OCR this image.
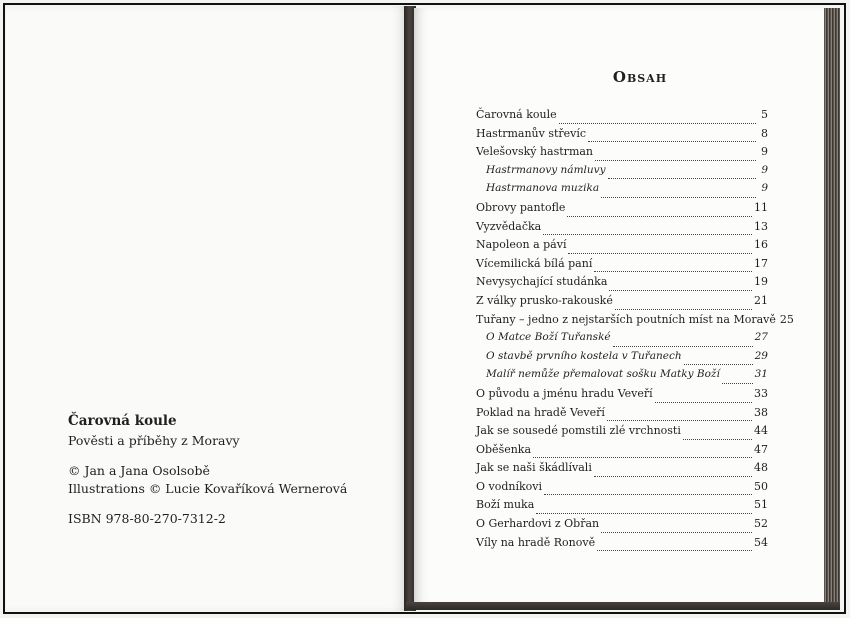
Čarovná koule
Pověsti a příběhy z Moravy
© Jan a Jana Osolsobě
Illustrations © Lucie Kovaříková Wernerová
ISBN 978-80-270-7312-2
Obsah
Čarovná koule	5
Hastrmanův střevíc	8
Velešovský hastrman	9
Hastrmanovy námluvy	9
Hastrmanova muzika	9
Obrovy pantofle	11
Vyzvědačka	13
Napoleon a páví	16
Vícemilická bílá paní	17
Nevysychající studánka	19
Z války prusko-rakouské	21
Tuřany – jedno z nejstarších poutních míst na Moravě 25
O Matce Boží Tuřanské	27
O stavbě prvního kostela v Tuřanech	29
Malíř nemůže přemalovat sošku Matky Boží	31
O původu a jménu hradu Veveří	33
Poklad na hradě Veveří	38
Jak se sousedé pomstili zlé vrchnosti	44
Oběšenka	47
Jak se naši škádlívali	48
O vodníkovi	50
Boží muka	51
O Gerhardovi z Obřan	52
Víly na hradě Ronově	54
